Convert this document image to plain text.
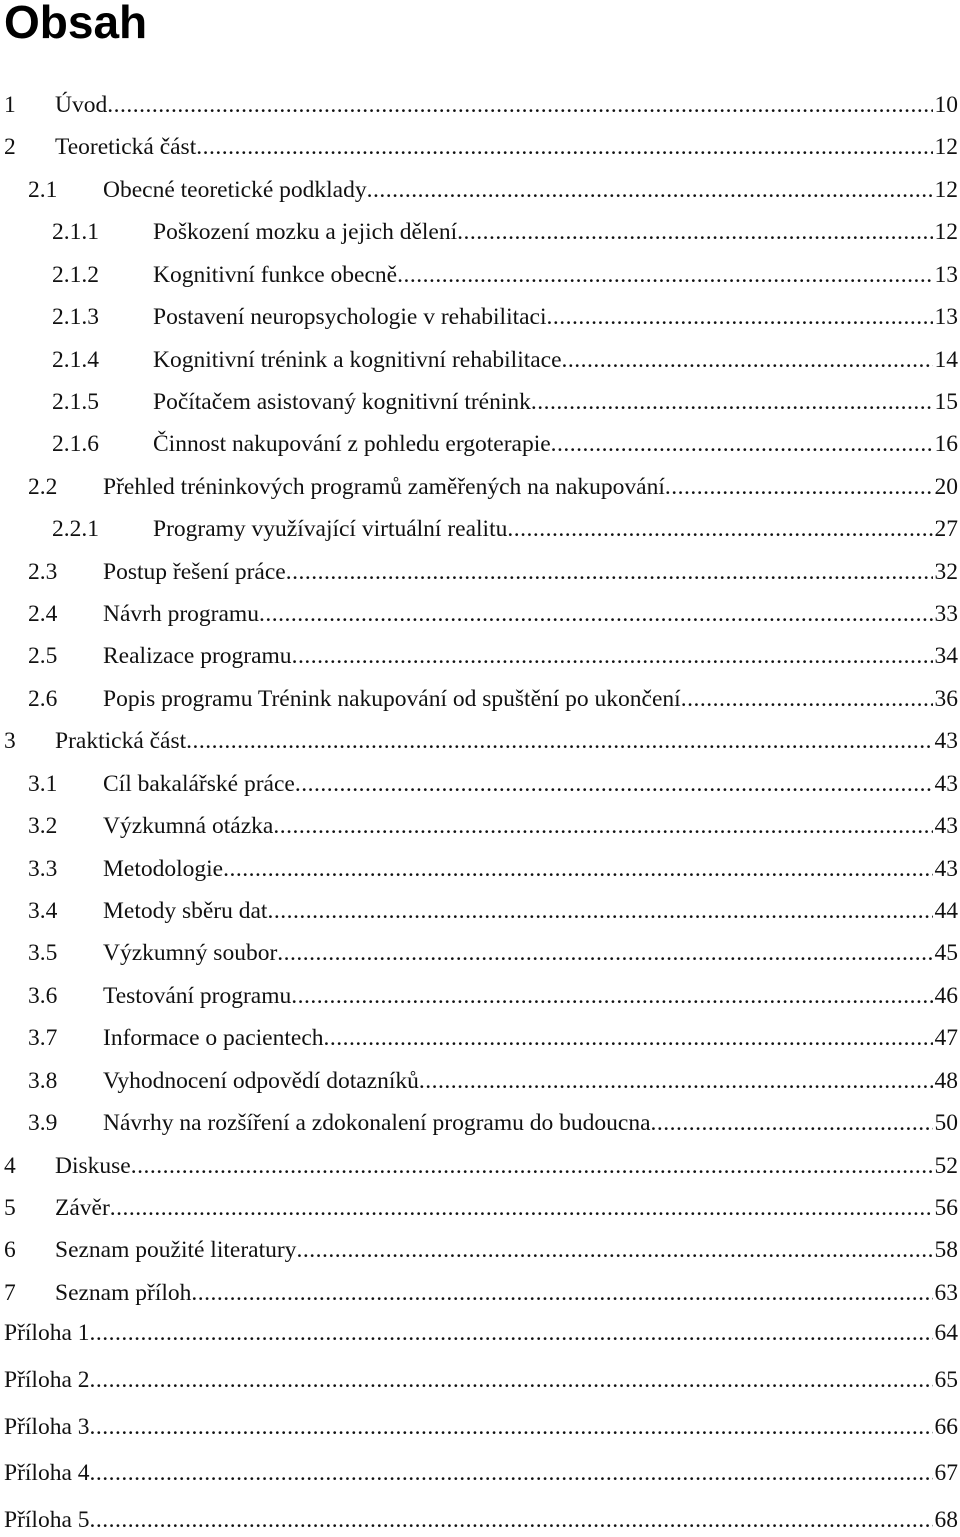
Obsah
1 Úvod .....	10
2 Teoretická část .....	12
2.1 Obecné teoretické podklady .....	12
2.1.1 Poškození mozku a jejich dělení .....	12
2.1.2 Kognitivní funkce obecně .....	13
2.1.3 Postavení neuropsychologie v rehabilitaci .....	13
2.1.4 Kognitivní trénink a kognitivní rehabilitace .....	14
2.1.5 Počítačem asistovaný kognitivní trénink .....	15
2.1.6 Činnost nakupování z pohledu ergoterapie .....	16
2.2 Přehled tréninkových programů zaměřených na nakupování .....	20
2.2.1 Programy využívající virtuální realitu .....	27
2.3 Postup řešení práce .....	32
2.4 Návrh programu .....	33
2.5 Realizace programu .....	34
2.6 Popis programu Trénink nakupování od spuštění po ukončení .....	36
3 Praktická část .....	43
3.1 Cíl bakalářské práce .....	43
3.2 Výzkumná otázka .....	43
3.3 Metodologie .....	43
3.4 Metody sběru dat .....	44
3.5 Výzkumný soubor .....	45
3.6 Testování programu .....	46
3.7 Informace o pacientech .....	47
3.8 Vyhodnocení odpovědí dotazníků .....	48
3.9 Návrhy na rozšíření a zdokonalení programu do budoucna .....	50
4 Diskuse .....	52
5 Závěr .....	56
6 Seznam použité literatury .....	58
7 Seznam příloh .....	63
Příloha 1 .....	64
Příloha 2 .....	65
Příloha 3 .....	66
Příloha 4 .....	67
Příloha 5 .....	68
